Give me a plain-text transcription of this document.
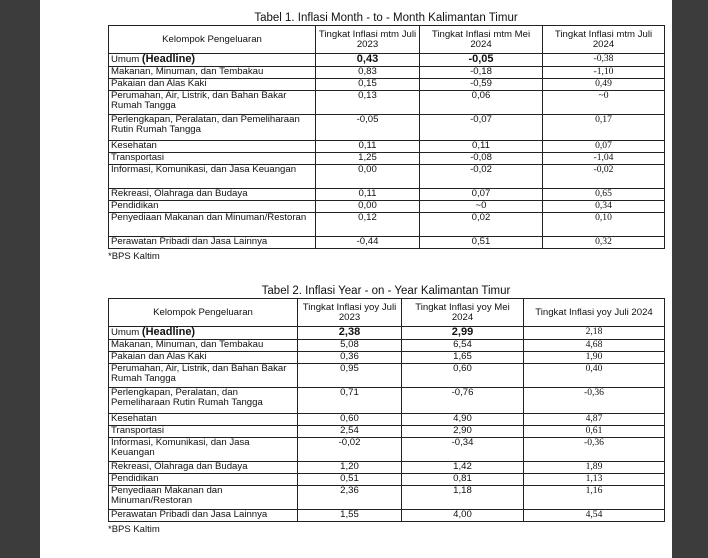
Tabel 1. Inflasi Month - to - Month Kalimantan Timur
Kelompok Pengeluaran	Tingkat Inflasi mtm Juli 2023	Tingkat Inflasi mtm Mei 2024	Tingkat Inflasi mtm Juli 2024
Umum (Headline)	0,43	-0,05	-0,38
Makanan, Minuman, dan Tembakau	0,83	-0,18	-1,10
Pakaian dan Alas Kaki	0,15	-0,59	0,49
Perumahan, Air, Listrik, dan Bahan Bakar Rumah Tangga	0,13	0,06	~0
Perlengkapan, Peralatan, dan Pemeliharaan Rutin Rumah Tangga	-0,05	-0,07	0,17
Kesehatan	0,11	0,11	0,07
Transportasi	1,25	-0,08	-1,04
Informasi, Komunikasi, dan Jasa Keuangan	0,00	-0,02	-0,02
Rekreasi, Olahraga dan Budaya	0,11	0,07	0,65
Pendidikan	0,00	~0	0,34
Penyediaan Makanan dan Minuman/Restoran	0,12	0,02	0,10
Perawatan Pribadi dan Jasa Lainnya	-0,44	0,51	0,32
*BPS Kaltim
Tabel 2. Inflasi Year - on - Year Kalimantan Timur
Kelompok Pengeluaran	Tingkat Inflasi yoy Juli 2023	Tingkat Inflasi yoy Mei 2024	Tingkat Inflasi yoy Juli 2024
Umum (Headline)	2,38	2,99	2,18
Makanan, Minuman, dan Tembakau	5,08	6,54	4,68
Pakaian dan Alas Kaki	0,36	1,65	1,90
Perumahan, Air, Listrik, dan Bahan Bakar Rumah Tangga	0,95	0,60	0,40
Perlengkapan, Peralatan, dan Pemeliharaan Rutin Rumah Tangga	0,71	-0,76	-0,36
Kesehatan	0,60	4,90	4,87
Transportasi	2,54	2,90	0,61
Informasi, Komunikasi, dan Jasa Keuangan	-0,02	-0,34	-0,36
Rekreasi, Olahraga dan Budaya	1,20	1,42	1,89
Pendidikan	0,51	0,81	1,13
Penyediaan Makanan dan Minuman/Restoran	2,36	1,18	1,16
Perawatan Pribadi dan Jasa Lainnya	1,55	4,00	4,54
*BPS Kaltim
